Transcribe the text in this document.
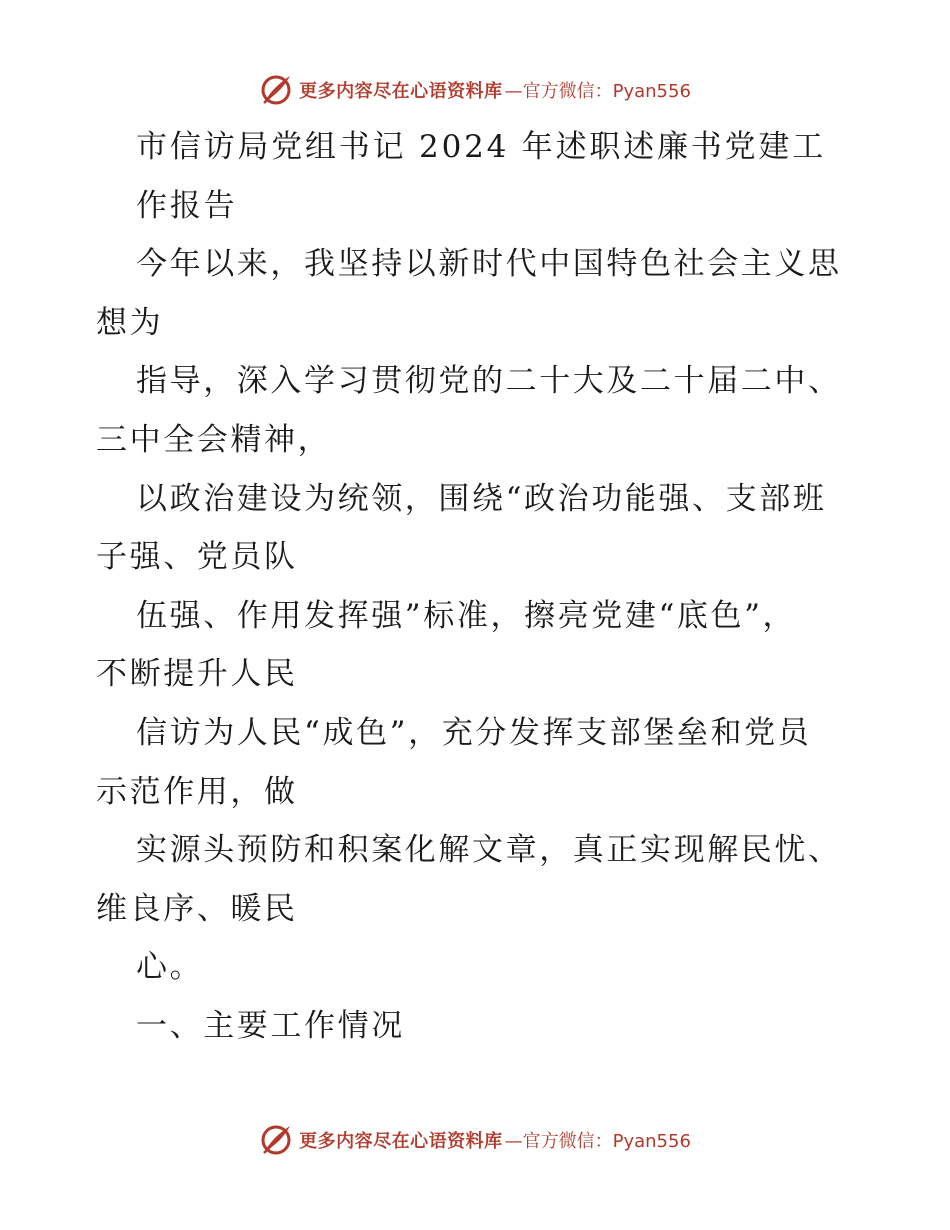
更多内容尽在心语资料库 —官方微信：Pyan556
市信访局党组书记 2024 年述职述廉书党建工
作报告
今年以来，我坚持以新时代中国特色社会主义思
想为
指导，深入学习贯彻党的二十大及二十届二中、
三中全会精神，
以政治建设为统领，围绕“政治功能强、支部班
子强、党员队
伍强、作用发挥强”标准，擦亮党建“底色”，
不断提升人民
信访为人民“成色”，充分发挥支部堡垒和党员
示范作用，做
实源头预防和积案化解文章，真正实现解民忧、
维良序、暖民
心。
一、主要工作情况
更多内容尽在心语资料库 —官方微信：Pyan556
